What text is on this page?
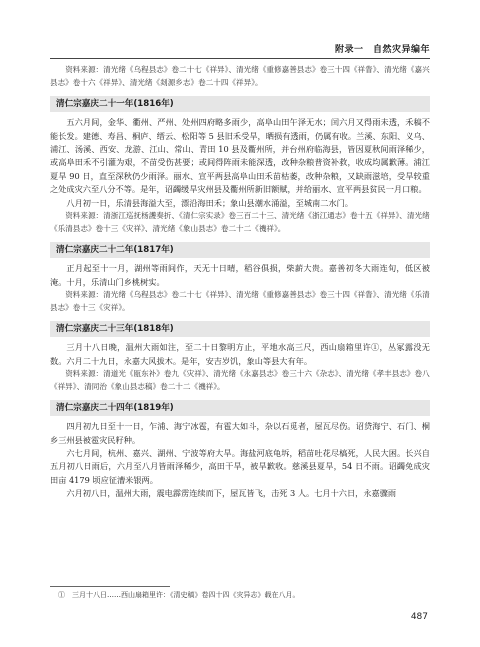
附录一　自然灾异编年

资料来源：清光绪《乌程县志》卷二十七《祥异》、清光绪《重修嘉善县志》卷三十四《祥眚》、清光绪《嘉兴县志》卷十六《祥异》、清光绪《剡源乡志》卷二十四《祥异》。

清仁宗嘉庆二十一年(1816年)

五六月间，金华、衢州、严州、处州四府略多雨少，高阜山田午泽无水；闰六月又得雨未透，禾稿不能长发。建德、寿昌、桐庐、缙云、松阳等 5 县旧禾受旱，晒损有透雨，仍属有收。兰溪、东阳、义乌、浦江、汤溪、西安、龙游、江山、常山、青田 10 县及衢州所，并台州府临海县，皆因夏秋间雨泽稀少，或高阜田禾不引灌为艰，不苗受伤甚要；或间得阵雨未能深透，改种杂粮普资补救，收成均属歉薄。浦江夏旱 90 日，直至深秋仍少雨泽。丽水、宣平两县高阜山田禾苗枯萎，改种杂粮，又缺雨滋培，受旱较重之处成灾六至八分不等。是年，诏蠲缓旱灾州县及衢州所新旧额赋，并给丽水、宣平两县贫民一月口粮。

八月初一日，乐清县海溢大至，漂沿海田禾；象山县潮水涌溢，至城南二水门。

资料来源：清浙江巡抚杨護奏折、《清仁宗实录》卷三百二十三、清光绪《浙江通志》卷十五《祥异》、清光绪《乐清县志》卷十三《灾祥》、清光绪《象山县志》卷二十二《禨祥》。

清仁宗嘉庆二十二年(1817年)

正月起至十一月，湖州等雨间作，天无十日晴，稻谷俱损，柴薪大贵。嘉善初冬大雨连旬，低区被淹。十月，乐清山门乡桃树实。

资料来源：清光绪《乌程县志》卷二十七《祥异》、清光绪《重修嘉善县志》卷三十四《祥眚》、清光绪《乐清县志》卷十三《灾祥》。

清仁宗嘉庆二十三年(1818年)

三月十八日晚，温州大雨如注，至二十日黎明方止，平地水高三尺，西山扇箱里许①，丛冢露没无数。六月二十九日，永嘉大风拔木。是年，安吉岁饥，象山等县大有年。

资料来源：清道光《瓯东补》卷九《灾祥》、清光绪《永嘉县志》卷三十六《杂志》、清光绪《孝丰县志》卷八《祥异》、清同治《象山县志稿》卷二十二《禨祥》。

清仁宗嘉庆二十四年(1819年)

四月初九日至十一日，乍浦、海宁冰雹，有雹大如斗，杂以石觅者，屋瓦尽伤。诏贷海宁、石门、桐乡三州县被雹灾民籽种。

六七月间，杭州、嘉兴、湖州、宁波等府大旱。海盐河底龟坼，稻苗吐花尽槁死，人民大困。长兴自五月初八日雨后，六月至八月皆雨泽稀少，高田干旱，被旱歉收。慈溪县夏旱，54 日不雨。诏蠲免成灾田亩 4179 顷应征漕米银两。

六月初八日，温州大雨，震电霹雳连续而下，屋瓦皆飞，击死 3 人。七月十六日，永嘉骤雨

①　三月十八日……西山扇箱里许：《清史稿》卷四十四《灾异志》载在八月。
487
